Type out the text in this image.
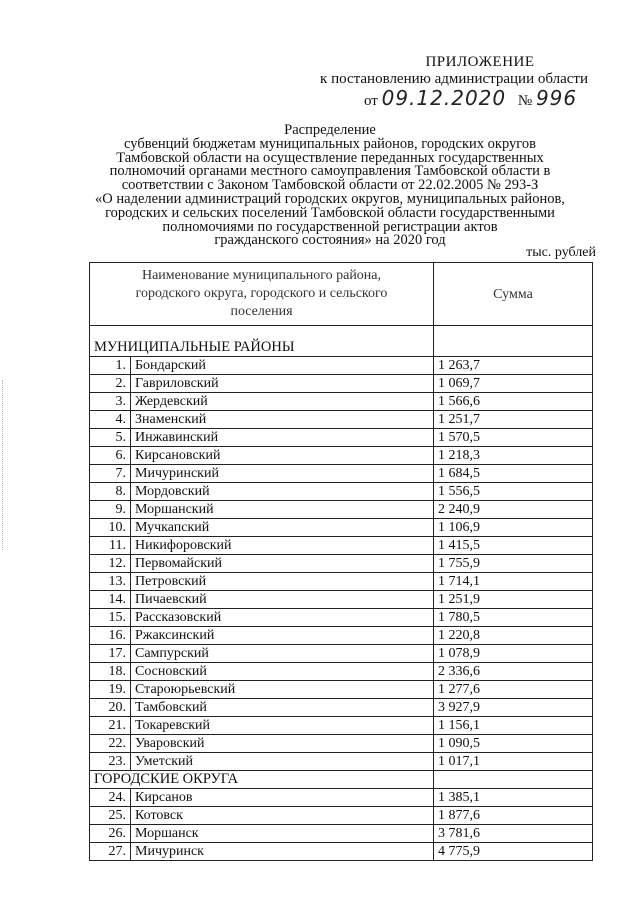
ПРИЛОЖЕНИЕ
к постановлению администрации области
от 09.12.2020 № 996
Распределение
субвенций бюджетам муниципальных районов, городских округов
Тамбовской области на осуществление переданных государственных
полномочий органами местного самоуправления Тамбовской области в
соответствии с Законом Тамбовской области от 22.02.2005 № 293-З
«О наделении администраций городских округов, муниципальных районов,
городских и сельских поселений Тамбовской области государственными
полномочиями по государственной регистрации актов
гражданского состояния» на 2020 год
тыс. рублей
Наименование муниципального района,
городского округа, городского и сельского
поселения		Сумма
МУНИЦИПАЛЬНЫЕ РАЙОНЫ		
1.	Бондарский	1 263,7
2.	Гавриловский	1 069,7
3.	Жердевский	1 566,6
4.	Знаменский	1 251,7
5.	Инжавинский	1 570,5
6.	Кирсановский	1 218,3
7.	Мичуринский	1 684,5
8.	Мордовский	1 556,5
9.	Моршанский	2 240,9
10.	Мучкапский	1 106,9
11.	Никифоровский	1 415,5
12.	Первомайский	1 755,9
13.	Петровский	1 714,1
14.	Пичаевский	1 251,9
15.	Рассказовский	1 780,5
16.	Ржаксинский	1 220,8
17.	Сампурский	1 078,9
18.	Сосновский	2 336,6
19.	Староюрьевский	1 277,6
20.	Тамбовский	3 927,9
21.	Токаревский	1 156,1
22.	Уваровский	1 090,5
23.	Уметский	1 017,1
ГОРОДСКИЕ ОКРУГА		
24.	Кирсанов	1 385,1
25.	Котовск	1 877,6
26.	Моршанск	3 781,6
27.	Мичуринск	4 775,9
